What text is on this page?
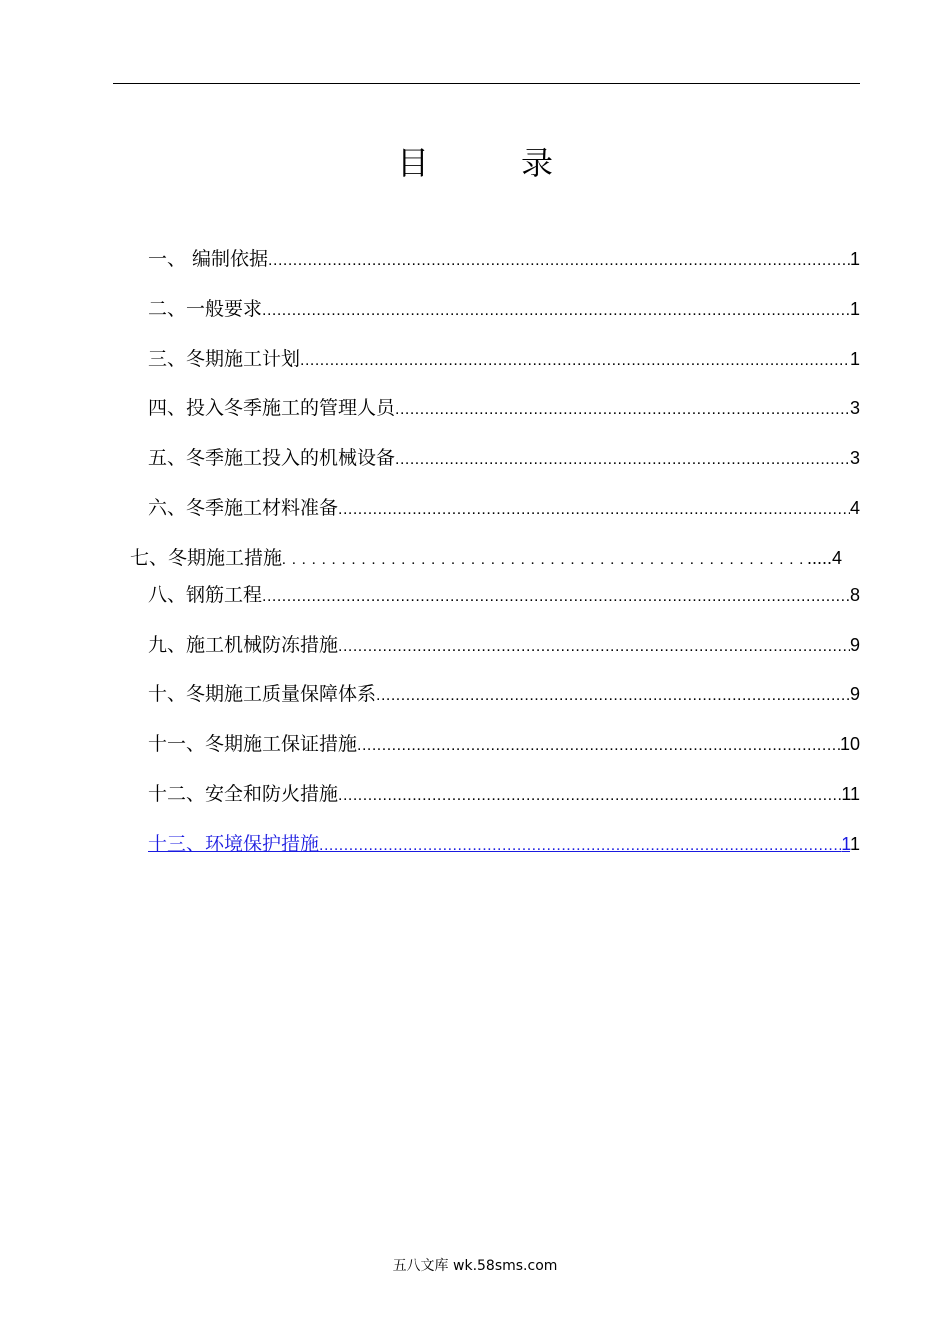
目	录
一、 编制依据 .....	1
二、一般要求 .....	1
三、冬期施工计划 .....	1
四、投入冬季施工的管理人员 .....	3
五、冬季施工投入的机械设备 .....	3
六、冬季施工材料准备 .....	4
七、冬期施工措施 .....	.....4
八、钢筋工程 .....	8
九、施工机械防冻措施 .....	9
十、冬期施工质量保障体系 .....	9
十一、冬期施工保证措施 .....	10
十二、安全和防火措施 .....	11
十三、环境保护措施 .....	11
五八文库 wk.58sms.com
